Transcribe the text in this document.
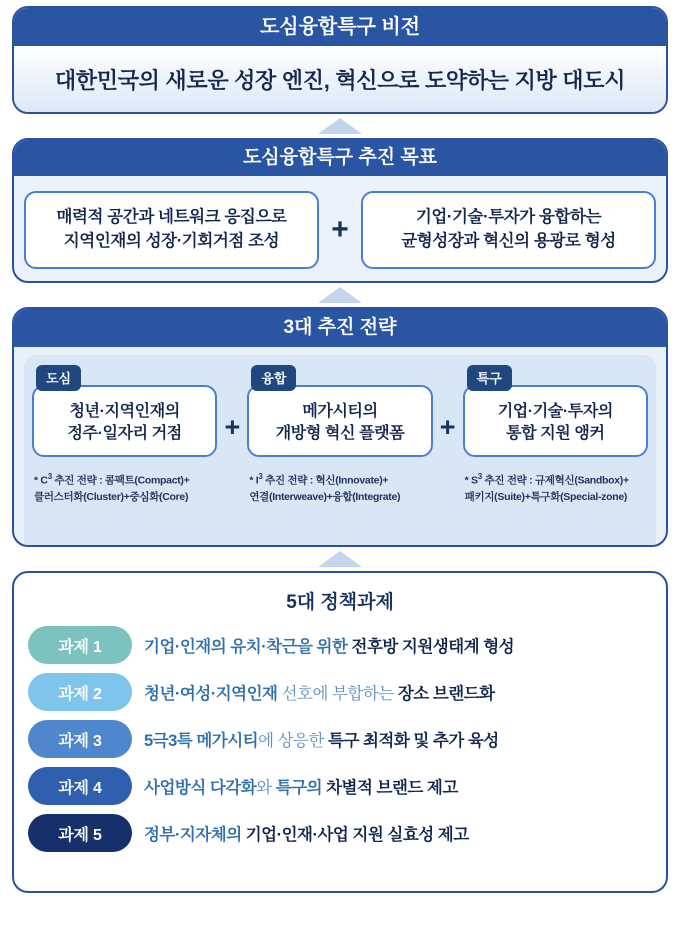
도심융합특구 비전
대한민국의 새로운 성장 엔진, 혁신으로 도약하는 지방 대도시
도심융합특구 추진 목표
매력적 공간과 네트워크 응집으로
지역인재의 성장·기회거점 조성 +	기업·기술·투자가 융합하는
균형성장과 혁신의 용광로 형성
3대 추진 전략
도심
청년·지역인재의
정주·일자리 거점
* $C^3$ 추진 전략 : 콤팩트(Compact)+
클러스터화(Cluster)+중심화(Core)
+
융합
메가시티의
개방형 혁신 플랫폼
* $I^3$ 추진 전략 : 혁신(Innovate)+
연결(Interweave)+융합(Integrate)
+
특구
기업·기술·투자의
통합 지원 앵커
* $S^3$ 추진 전략 : 규제혁신(Sandbox)+
패키지(Suite)+특구화(Special-zone)
5대 정책과제
과제 1	기업·인재의 유치·착근을 위한 전후방 지원생태계 형성
과제 2	청년·여성·지역인재 선호에 부합하는 장소 브랜드화
과제 3	5극3특 메가시티에 상응한 특구 최적화 및 추가 육성
과제 4	사업방식 다각화와 특구의 차별적 브랜드 제고
과제 5	정부·지자체의 기업·인재·사업 지원 실효성 제고
